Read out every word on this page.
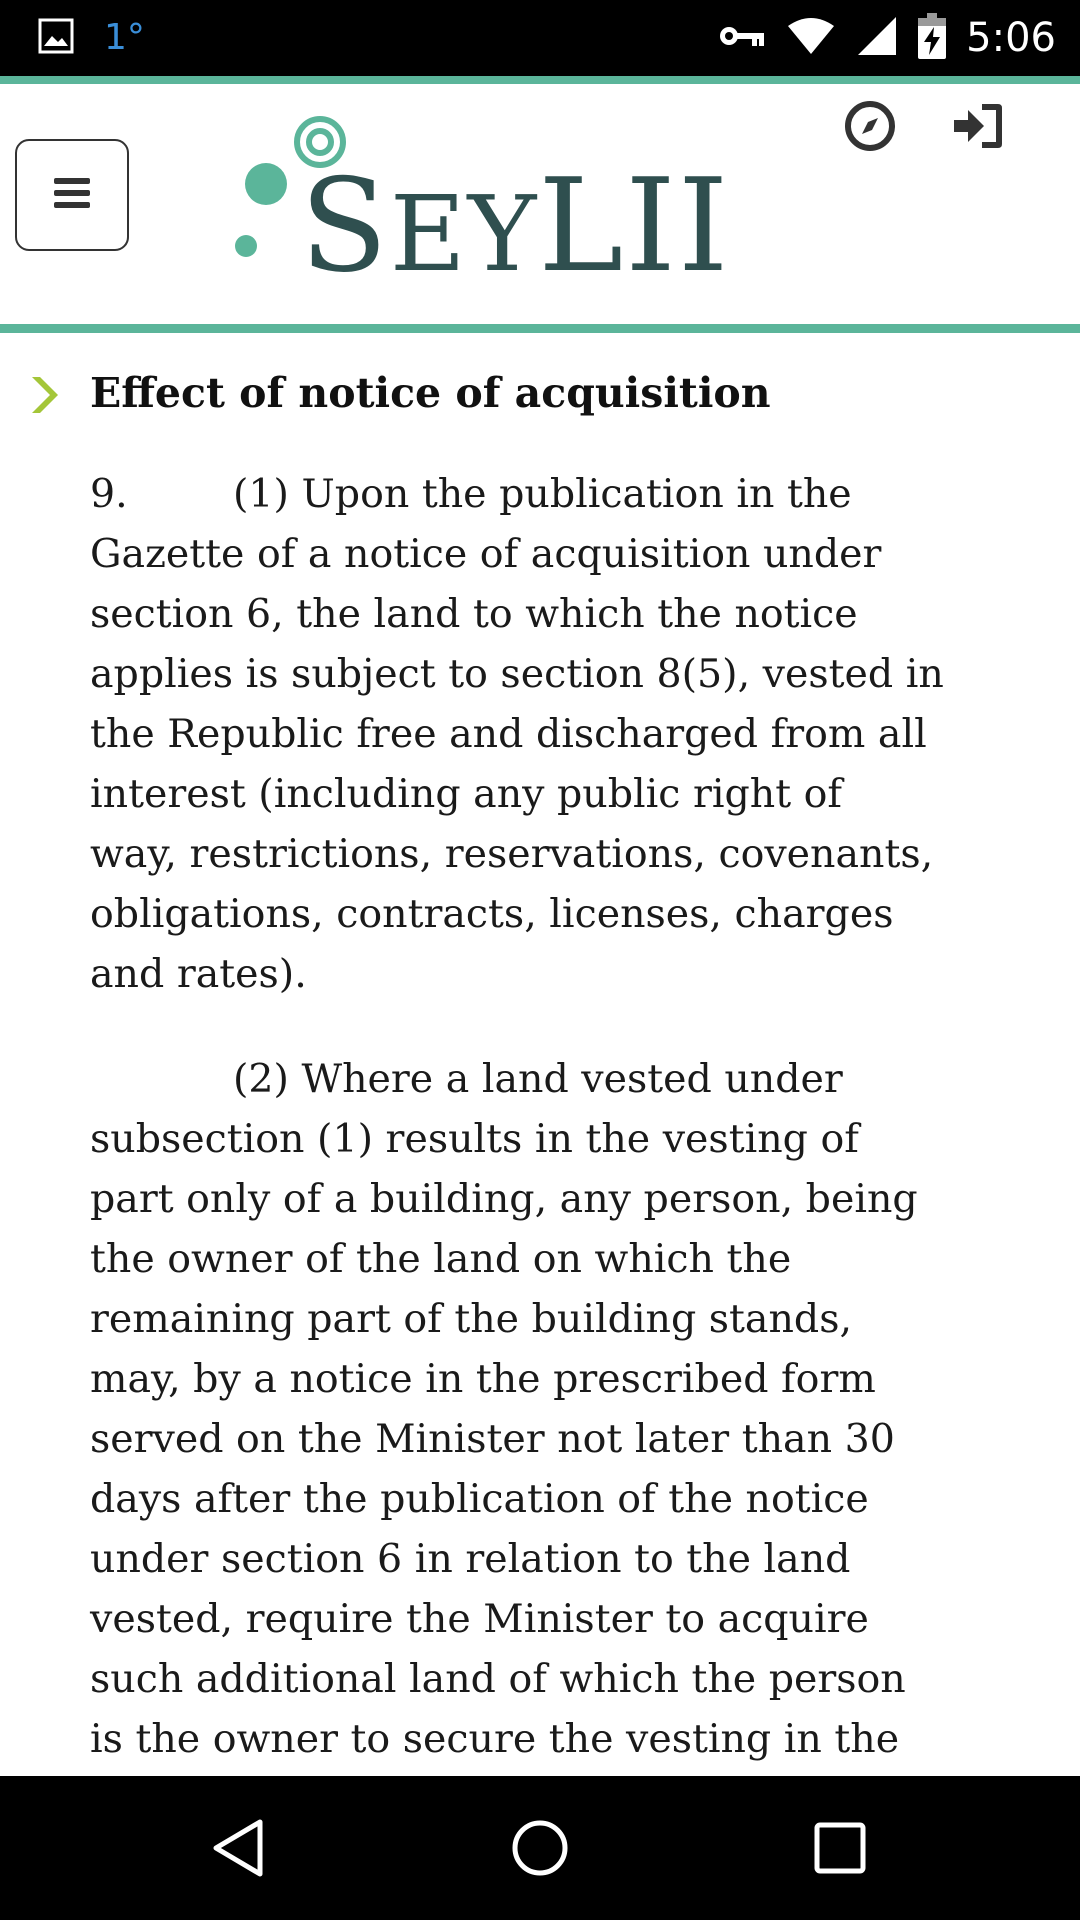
1°	5:06
SEYLII
Effect of notice of acquisition
9.	(1) Upon the publication in the
Gazette of a notice of acquisition under
section 6, the land to which the notice
applies is subject to section 8(5), vested in
the Republic free and discharged from all
interest (including any public right of
way, restrictions, reservations, covenants,
obligations, contracts, licenses, charges
and rates).
(2) Where a land vested under
subsection (1) results in the vesting of
part only of a building, any person, being
the owner of the land on which the
remaining part of the building stands,
may, by a notice in the prescribed form
served on the Minister not later than 30
days after the publication of the notice
under section 6 in relation to the land
vested, require the Minister to acquire
such additional land of which the person
is the owner to secure the vesting in the
